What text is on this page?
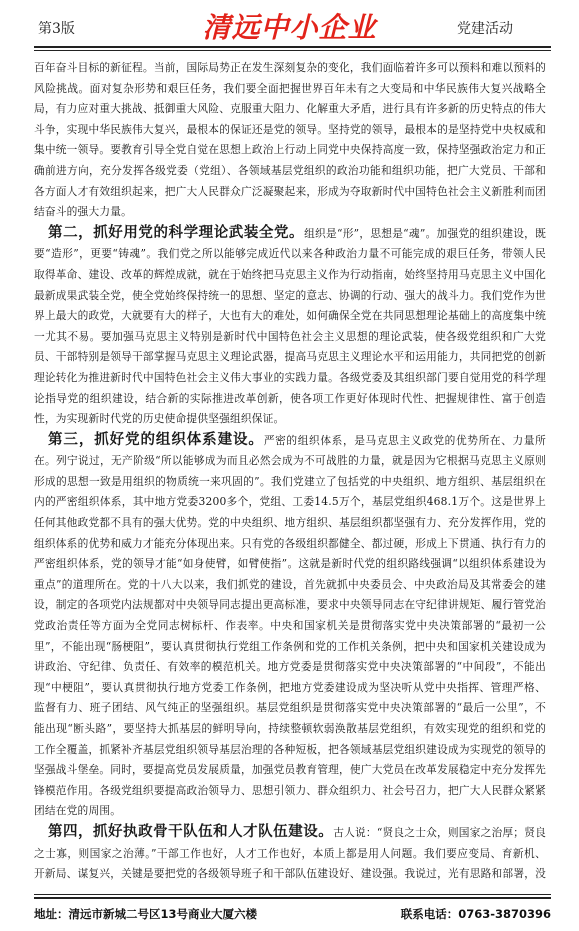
第3版	清远中小企业	党建活动

百年奋斗目标的新征程。当前，国际局势正在发生深刻复杂的变化，我们面临着许多可以预料和难以预料的风险挑战。面对复杂形势和艰巨任务，我们要全面把握世界百年未有之大变局和中华民族伟大复兴战略全局，有力应对重大挑战、抵御重大风险、克服重大阻力、化解重大矛盾，进行具有许多新的历史特点的伟大斗争，实现中华民族伟大复兴，最根本的保证还是党的领导。坚持党的领导，最根本的是坚持党中央权威和集中统一领导。要教育引导全党自觉在思想上政治上行动上同党中央保持高度一致，保持坚强政治定力和正确前进方向，充分发挥各级党委（党组）、各领域基层党组织的政治功能和组织功能，把广大党员、干部和各方面人才有效组织起来，把广大人民群众广泛凝聚起来，形成为夺取新时代中国特色社会主义新胜利而团结奋斗的强大力量。

第二，抓好用党的科学理论武装全党。组织是“形”，思想是“魂”。加强党的组织建设，既要“造形”，更要“铸魂”。我们党之所以能够完成近代以来各种政治力量不可能完成的艰巨任务，带领人民取得革命、建设、改革的辉煌成就，就在于始终把马克思主义作为行动指南，始终坚持用马克思主义中国化最新成果武装全党，使全党始终保持统一的思想、坚定的意志、协调的行动、强大的战斗力。我们党作为世界上最大的政党，大就要有大的样子，大也有大的难处，如何确保全党在共同思想理论基础上的高度集中统一尤其不易。要加强马克思主义特别是新时代中国特色社会主义思想的理论武装，使各级党组织和广大党员、干部特别是领导干部掌握马克思主义理论武器，提高马克思主义理论水平和运用能力，共同把党的创新理论转化为推进新时代中国特色社会主义伟大事业的实践力量。各级党委及其组织部门要自觉用党的科学理论指导党的组织建设，结合新的实际推进改革创新，使各项工作更好体现时代性、把握规律性、富于创造性，为实现新时代党的历史使命提供坚强组织保证。

第三，抓好党的组织体系建设。严密的组织体系，是马克思主义政党的优势所在、力量所在。列宁说过，无产阶级“所以能够成为而且必然会成为不可战胜的力量，就是因为它根据马克思主义原则形成的思想一致是用组织的物质统一来巩固的”。我们党建立了包括党的中央组织、地方组织、基层组织在内的严密组织体系，其中地方党委3200多个，党组、工委14.5万个，基层党组织468.1万个。这是世界上任何其他政党都不具有的强大优势。党的中央组织、地方组织、基层组织都坚强有力、充分发挥作用，党的组织体系的优势和威力才能充分体现出来。只有党的各级组织都健全、都过硬，形成上下贯通、执行有力的严密组织体系，党的领导才能“如身使臂，如臂使指”。这就是新时代党的组织路线强调“以组织体系建设为重点”的道理所在。党的十八大以来，我们抓党的建设，首先就抓中央委员会、中央政治局及其常委会的建设，制定的各项党内法规都对中央领导同志提出更高标准，要求中央领导同志在守纪律讲规矩、履行管党治党政治责任等方面为全党同志树标杆、作表率。中央和国家机关是贯彻落实党中央决策部署的“最初一公里”，不能出现“肠梗阻”，要认真贯彻执行党组工作条例和党的工作机关条例，把中央和国家机关建设成为讲政治、守纪律、负责任、有效率的模范机关。地方党委是贯彻落实党中央决策部署的“中间段”，不能出现“中梗阻”，要认真贯彻执行地方党委工作条例，把地方党委建设成为坚决听从党中央指挥、管理严格、监督有力、班子团结、风气纯正的坚强组织。基层党组织是贯彻落实党中央决策部署的“最后一公里”，不能出现“断头路”，要坚持大抓基层的鲜明导向，持续整顿软弱涣散基层党组织，有效实现党的组织和党的工作全覆盖，抓紧补齐基层党组织领导基层治理的各种短板，把各领域基层党组织建设成为实现党的领导的坚强战斗堡垒。同时，要提高党员发展质量，加强党员教育管理，使广大党员在改革发展稳定中充分发挥先锋模范作用。各级党组织要提高政治领导力、思想引领力、群众组织力、社会号召力，把广大人民群众紧紧团结在党的周围。

第四，抓好执政骨干队伍和人才队伍建设。古人说：“贤良之士众，则国家之治厚；贤良之士寡，则国家之治薄。”干部工作也好，人才工作也好，本质上都是用人问题。我们要应变局、育新机、开新局、谋复兴，关键是要把党的各级领导班子和干部队伍建设好、建设强。我说过，光有思路和部署，没

地址：清远市新城二号区13号商业大厦六楼	联系电话：0763-3870396
